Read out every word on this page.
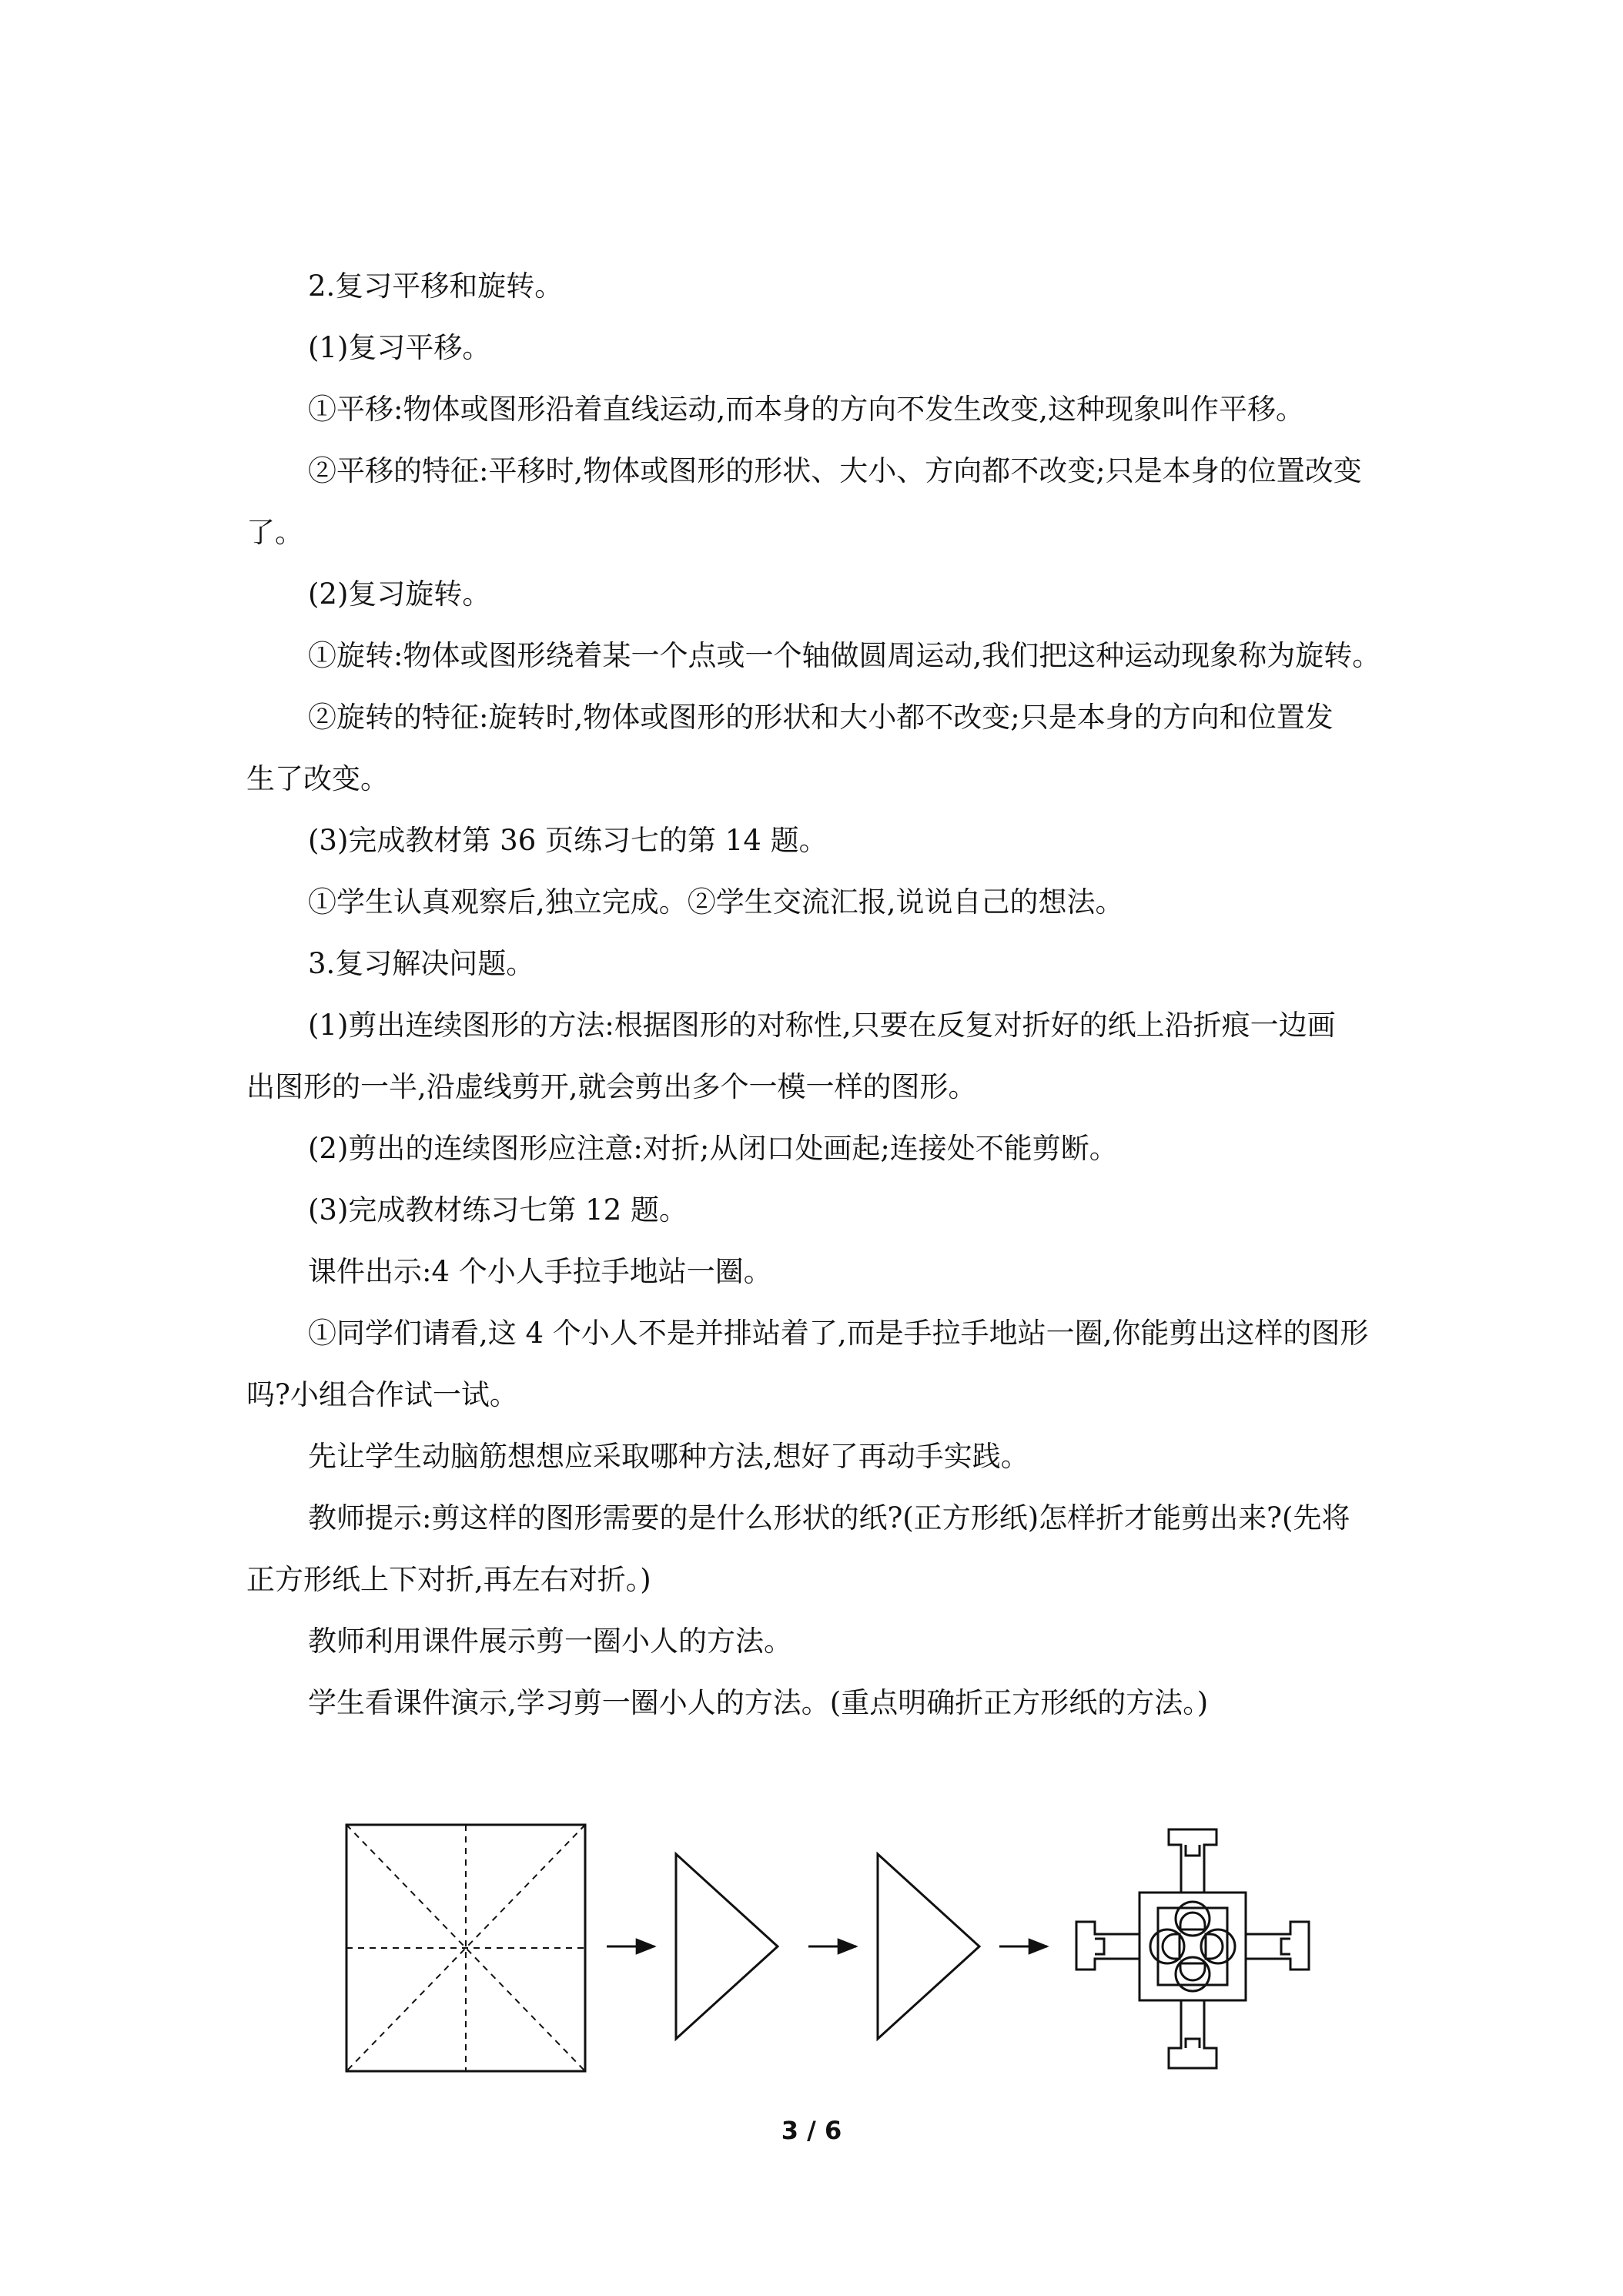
2.复习平移和旋转。
(1)复习平移。
①平移:物体或图形沿着直线运动,而本身的方向不发生改变,这种现象叫作平移。
②平移的特征:平移时,物体或图形的形状、大小、方向都不改变;只是本身的位置改变
了。
(2)复习旋转。
①旋转:物体或图形绕着某一个点或一个轴做圆周运动,我们把这种运动现象称为旋转。
②旋转的特征:旋转时,物体或图形的形状和大小都不改变;只是本身的方向和位置发
生了改变。
(3)完成教材第 36 页练习七的第 14 题。
①学生认真观察后,独立完成。②学生交流汇报,说说自己的想法。
3.复习解决问题。
(1)剪出连续图形的方法:根据图形的对称性,只要在反复对折好的纸上沿折痕一边画
出图形的一半,沿虚线剪开,就会剪出多个一模一样的图形。
(2)剪出的连续图形应注意:对折;从闭口处画起;连接处不能剪断。
(3)完成教材练习七第 12 题。
课件出示:4 个小人手拉手地站一圈。
①同学们请看,这 4 个小人不是并排站着了,而是手拉手地站一圈,你能剪出这样的图形
吗?小组合作试一试。
先让学生动脑筋想想应采取哪种方法,想好了再动手实践。
教师提示:剪这样的图形需要的是什么形状的纸?(正方形纸)怎样折才能剪出来?(先将
正方形纸上下对折,再左右对折。)
教师利用课件展示剪一圈小人的方法。
学生看课件演示,学习剪一圈小人的方法。(重点明确折正方形纸的方法。)
3 / 6
